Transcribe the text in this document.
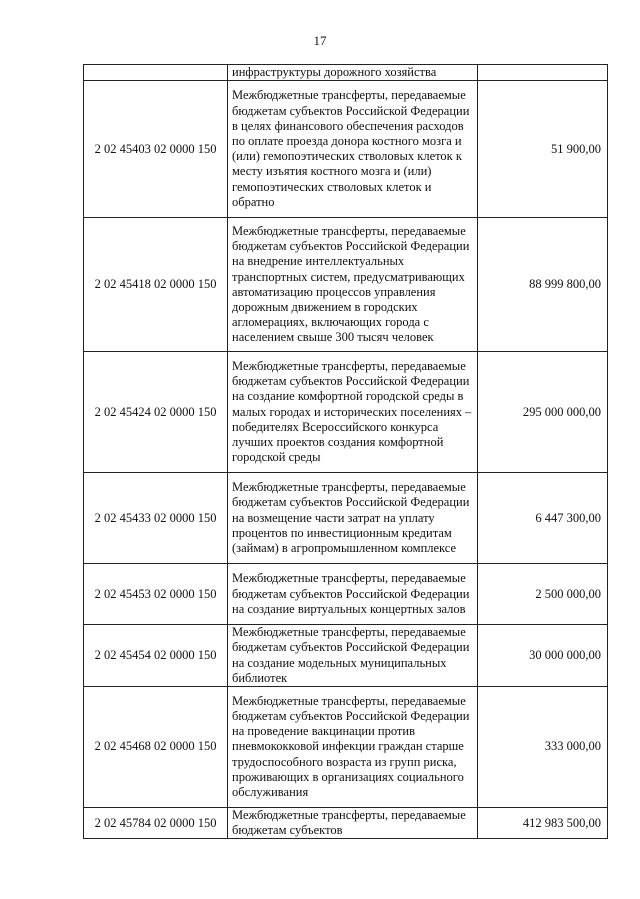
17
	инфраструктуры дорожного хозяйства	
2 02 45403 02 0000 150	Межбюджетные трансферты, передаваемые бюджетам субъектов Российской Федерации в целях финансового обеспечения расходов по оплате проезда донора костного мозга и (или) гемопоэтических стволовых клеток к месту изъятия костного мозга и (или) гемопоэтических стволовых клеток и обратно	51 900,00
2 02 45418 02 0000 150	Межбюджетные трансферты, передаваемые бюджетам субъектов Российской Федерации на внедрение интеллектуальных транспортных систем, предусматривающих автоматизацию процессов управления дорожным движением в городских агломерациях, включающих города с населением свыше 300 тысяч человек	88 999 800,00
2 02 45424 02 0000 150	Межбюджетные трансферты, передаваемые бюджетам субъектов Российской Федерации на создание комфортной городской среды в малых городах и исторических поселениях – победителях Всероссийского конкурса лучших проектов создания комфортной городской среды	295 000 000,00
2 02 45433 02 0000 150	Межбюджетные трансферты, передаваемые бюджетам субъектов Российской Федерации на возмещение части затрат на уплату процентов по инвестиционным кредитам (займам) в агропромышленном комплексе	6 447 300,00
2 02 45453 02 0000 150	Межбюджетные трансферты, передаваемые бюджетам субъектов Российской Федерации на создание виртуальных концертных залов	2 500 000,00
2 02 45454 02 0000 150	Межбюджетные трансферты, передаваемые бюджетам субъектов Российской Федерации на создание модельных муниципальных библиотек	30 000 000,00
2 02 45468 02 0000 150	Межбюджетные трансферты, передаваемые бюджетам субъектов Российской Федерации на проведение вакцинации против пневмококковой инфекции граждан старше трудоспособного возраста из групп риска, проживающих в организациях социального обслуживания	333 000,00
2 02 45784 02 0000 150	Межбюджетные трансферты, передаваемые бюджетам субъектов	412 983 500,00
